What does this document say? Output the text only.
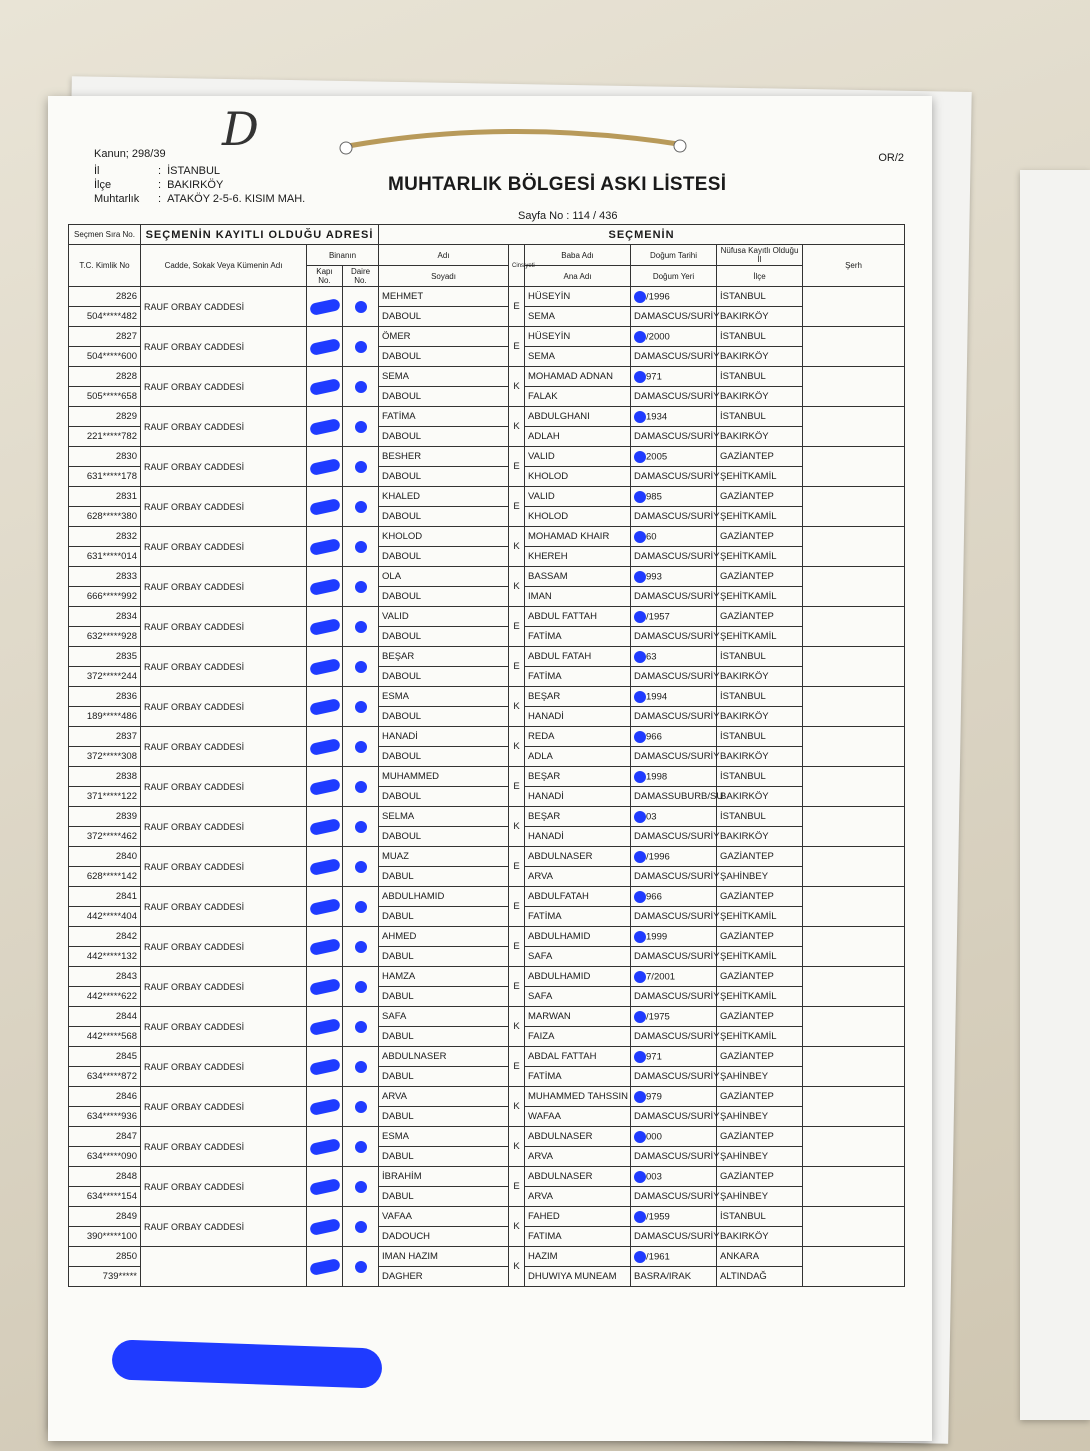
D
Kanun; 298/39
İl	: İSTANBUL
İlçe	: BAKIRKÖY
Muhtarlık	: ATAKÖY 2-5-6. KISIM MAH.
MUHTARLIK BÖLGESİ ASKI LİSTESİ
Sayfa No : 114 / 436
OR/2
Seçmen Sıra No.	SEÇMENİN KAYITLI OLDUĞU ADRESİ			SEÇMENİN					
T.C. Kimlik No	Cadde, Sokak Veya Kümenin Adı	Binanın		Adı	Cinsiyeti	Baba Adı	Doğum Tarihi	Nüfusa Kayıtlı Olduğu İl	Şerh
		Kapı No.	Daire No.	Soyadı		Ana Adı	Doğum Yeri	İlçe	
2826	RAUF ORBAY CADDESİ			MEHMET	E	HÜSEYİN	/1996	İSTANBUL	
504*****482				DABOUL		SEMA	DAMASCUS/SURİY	BAKIRKÖY	
2827	RAUF ORBAY CADDESİ			ÖMER	E	HÜSEYİN	/2000	İSTANBUL	
504*****600				DABOUL		SEMA	DAMASCUS/SURİY	BAKIRKÖY	
2828	RAUF ORBAY CADDESİ			SEMA	K	MOHAMAD ADNAN	971	İSTANBUL	
505*****658				DABOUL		FALAK	DAMASCUS/SURİY	BAKIRKÖY	
2829	RAUF ORBAY CADDESİ			FATİMA	K	ABDULGHANI	1934	İSTANBUL	
221*****782				DABOUL		ADLAH	DAMASCUS/SURİY	BAKIRKÖY	
2830	RAUF ORBAY CADDESİ			BESHER	E	VALID	2005	GAZİANTEP	
631*****178				DABOUL		KHOLOD	DAMASCUS/SURİY	ŞEHİTKAMİL	
2831	RAUF ORBAY CADDESİ			KHALED	E	VALID	985	GAZİANTEP	
628*****380				DABOUL		KHOLOD	DAMASCUS/SURİY	ŞEHİTKAMİL	
2832	RAUF ORBAY CADDESİ			KHOLOD	K	MOHAMAD KHAIR	60	GAZİANTEP	
631*****014				DABOUL		KHEREH	DAMASCUS/SURİY	ŞEHİTKAMİL	
2833	RAUF ORBAY CADDESİ			OLA	K	BASSAM	993	GAZİANTEP	
666*****992				DABOUL		IMAN	DAMASCUS/SURİY	ŞEHİTKAMİL	
2834	RAUF ORBAY CADDESİ			VALID	E	ABDUL FATTAH	/1957	GAZİANTEP	
632*****928				DABOUL		FATİMA	DAMASCUS/SURİY	ŞEHİTKAMİL	
2835	RAUF ORBAY CADDESİ			BEŞAR	E	ABDUL FATAH	63	İSTANBUL	
372*****244				DABOUL		FATİMA	DAMASCUS/SURİY	BAKIRKÖY	
2836	RAUF ORBAY CADDESİ			ESMA	K	BEŞAR	1994	İSTANBUL	
189*****486				DABOUL		HANADİ	DAMASCUS/SURİY	BAKIRKÖY	
2837	RAUF ORBAY CADDESİ			HANADİ	K	REDA	966	İSTANBUL	
372*****308				DABOUL		ADLA	DAMASCUS/SURİY	BAKIRKÖY	
2838	RAUF ORBAY CADDESİ			MUHAMMED	E	BEŞAR	1998	İSTANBUL	
371*****122				DABOUL		HANADİ	DAMASSUBURB/SU	BAKIRKÖY	
2839	RAUF ORBAY CADDESİ			SELMA	K	BEŞAR	03	İSTANBUL	
372*****462				DABOUL		HANADİ	DAMASCUS/SURİY	BAKIRKÖY	
2840	RAUF ORBAY CADDESİ			MUAZ	E	ABDULNASER	/1996	GAZİANTEP	
628*****142				DABUL		ARVA	DAMASCUS/SURİY	ŞAHİNBEY	
2841	RAUF ORBAY CADDESİ			ABDULHAMID	E	ABDULFATAH	966	GAZİANTEP	
442*****404				DABUL		FATİMA	DAMASCUS/SURİY	ŞEHİTKAMİL	
2842	RAUF ORBAY CADDESİ			AHMED	E	ABDULHAMID	1999	GAZİANTEP	
442*****132				DABUL		SAFA	DAMASCUS/SURİY	ŞEHİTKAMİL	
2843	RAUF ORBAY CADDESİ			HAMZA	E	ABDULHAMID	7/2001	GAZİANTEP	
442*****622				DABUL		SAFA	DAMASCUS/SURİY	ŞEHİTKAMİL	
2844	RAUF ORBAY CADDESİ			SAFA	K	MARWAN	/1975	GAZİANTEP	
442*****568				DABUL		FAIZA	DAMASCUS/SURİY	ŞEHİTKAMİL	
2845	RAUF ORBAY CADDESİ			ABDULNASER	E	ABDAL FATTAH	971	GAZİANTEP	
634*****872				DABUL		FATİMA	DAMASCUS/SURİY	ŞAHİNBEY	
2846	RAUF ORBAY CADDESİ			ARVA	K	MUHAMMED TAHSSIN	979	GAZİANTEP	
634*****936				DABUL		WAFAA	DAMASCUS/SURİY	ŞAHİNBEY	
2847	RAUF ORBAY CADDESİ			ESMA	K	ABDULNASER	000	GAZİANTEP	
634*****090				DABUL		ARVA	DAMASCUS/SURİY	ŞAHİNBEY	
2848	RAUF ORBAY CADDESİ			İBRAHİM	E	ABDULNASER	003	GAZİANTEP	
634*****154				DABUL		ARVA	DAMASCUS/SURİY	ŞAHİNBEY	
2849	RAUF ORBAY CADDESİ			VAFAA	K	FAHED	/1959	İSTANBUL	
390*****100				DADOUCH		FATIMA	DAMASCUS/SURİY	BAKIRKÖY	
2850				IMAN HAZIM	K	HAZIM	/1961	ANKARA	
739*****				DAGHER		DHUWIYA MUNEAM	BASRA/IRAK	ALTINDAĞ	
